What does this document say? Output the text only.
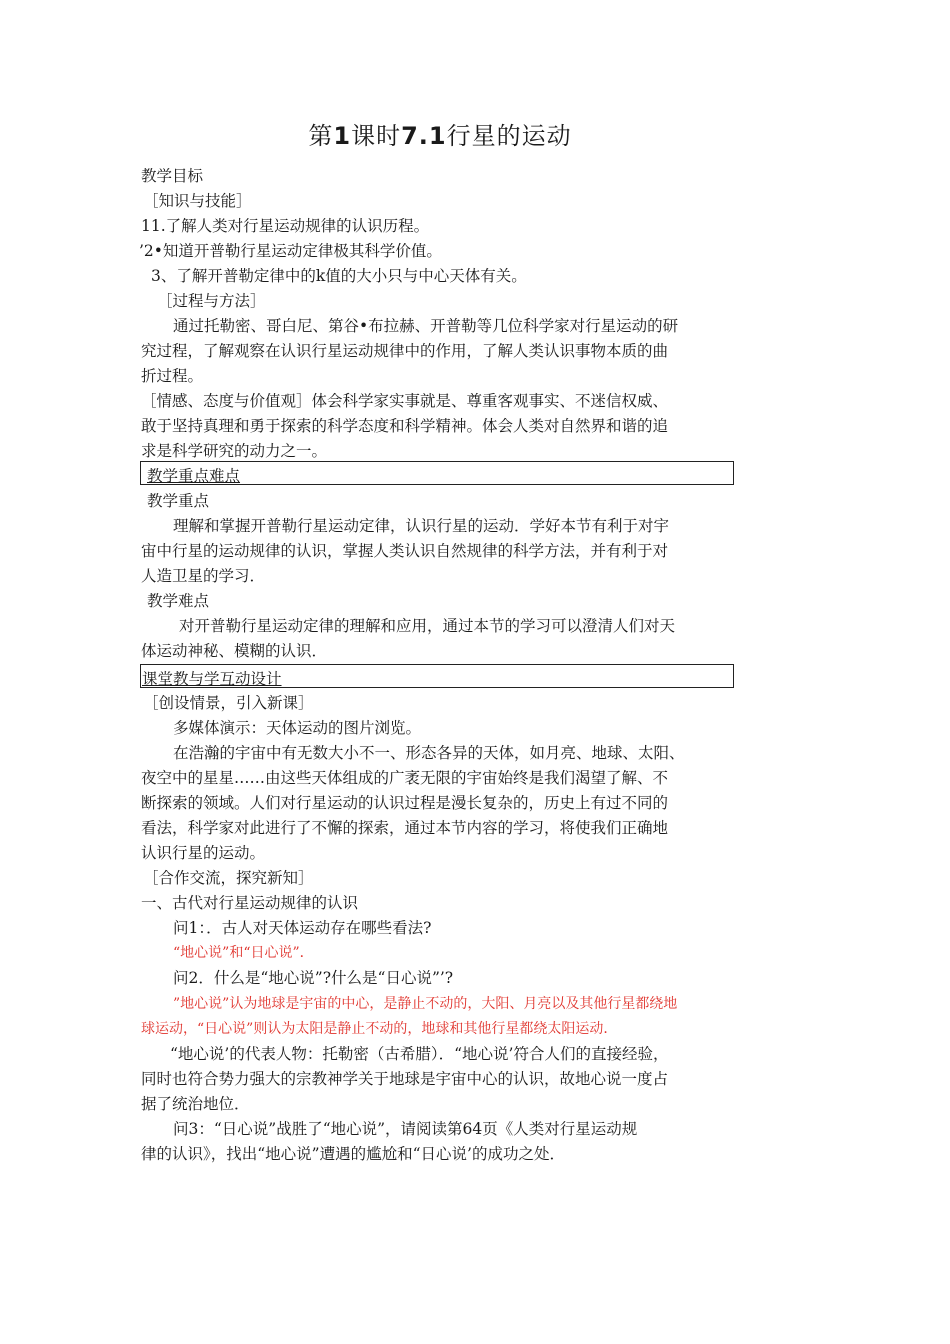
第1课时7.1行星的运动
教学目标
［知识与技能］
11.了解人类对行星运动规律的认识历程。
’2•知道开普勒行星运动定律极其科学价值。
3、了解开普勒定律中的k值的大小只与中心天体有关。
［过程与方法］
通过托勒密、哥白尼、第谷•布拉赫、开普勒等几位科学家对行星运动的研
究过程，了解观察在认识行星运动规律中的作用，了解人类认识事物本质的曲
折过程。
［情感、态度与价值观］体会科学家实事就是、尊重客观事实、不迷信权威、
敢于坚持真理和勇于探索的科学态度和科学精神。体会人类对自然界和谐的追
求是科学研究的动力之一。
教学重点难点
教学重点
理解和掌握开普勒行星运动定律，认识行星的运动．学好本节有利于对宇
宙中行星的运动规律的认识，掌握人类认识自然规律的科学方法，并有利于对
人造卫星的学习．
教学难点
对开普勒行星运动定律的理解和应用，通过本节的学习可以澄清人们对天
体运动神秘、模糊的认识．
课堂教与学互动设计
［创设情景，引入新课］
多媒体演示：天体运动的图片浏览。
在浩瀚的宇宙中有无数大小不一、形态各异的天体，如月亮、地球、太阳、
夜空中的星星……由这些天体组成的广袤无限的宇宙始终是我们渴望了解、不
断探索的领域。人们对行星运动的认识过程是漫长复杂的，历史上有过不同的
看法，科学家对此进行了不懈的探索，通过本节内容的学习，将使我们正确地
认识行星的运动。
［合作交流，探究新知］
一、古代对行星运动规律的认识
问1：．古人对天体运动存在哪些看法?
“地心说”和“日心说”．
问2．什么是“地心说”?什么是“日心说”’?
”地心说”认为地球是宇宙的中心，是静止不动的，大阳、月亮以及其他行星都绕地
球运动，“日心说”则认为太阳是静止不动的，地球和其他行星都绕太阳运动．
“地心说’的代表人物：托勒密（古希腊）．“地心说’符合人们的直接经验，
同时也符合势力强大的宗教神学关于地球是宇宙中心的认识，故地心说一度占
据了统治地位．
问3：“日心说”战胜了“地心说”，请阅读第64页《人类对行星运动规
律的认识》，找出“地心说”遭遇的尴尬和“日心说’的成功之处．
